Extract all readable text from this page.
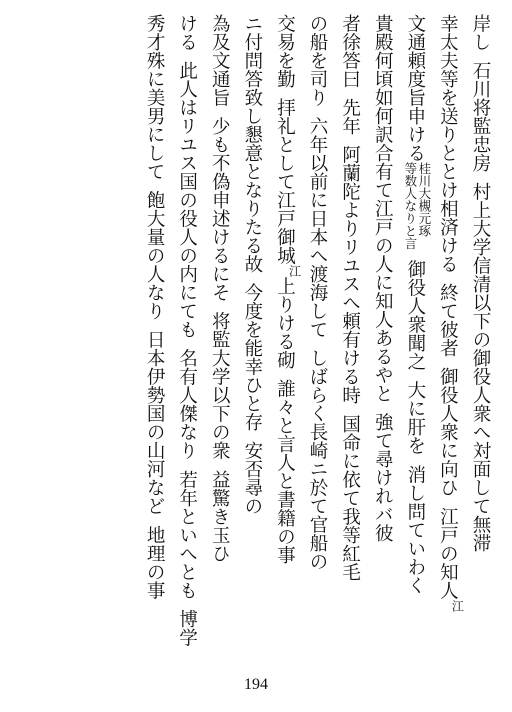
岸し石川将監忠房村上大学信清以下の御役人衆へ対面して無滞
幸太夫等を送りととけ相済ける終て彼者御役人衆に向ひ江戸の知人江
文通頼度旨申ける桂川大槻元琢
等数人なりと言御役人衆聞之大に肝を消し問ていわく
貴殿何頃如何訳合有て江戸の人に知人あるやと強て尋けれバ彼
者徐答曰先年阿蘭陀よりリユスへ頼有ける時国命に依て我等紅毛
の船を司り六年以前に日本へ渡海してしばらく長崎ニ於て官船の
交易を勤拝礼として江戸御城江上りける砌誰々と言人と書籍の事
ニ付問答致し懇意となりたる故今度を能幸ひと存安否尋の
為及文通旨少も不偽申述けるにそ将監大学以下の衆益驚き玉ひ
ける此人はリユス国の役人の内にても名有人傑なり若年といへとも博学
秀才殊に美男にして飽大量の人なり日本伊勢国の山河など地理の事
194
